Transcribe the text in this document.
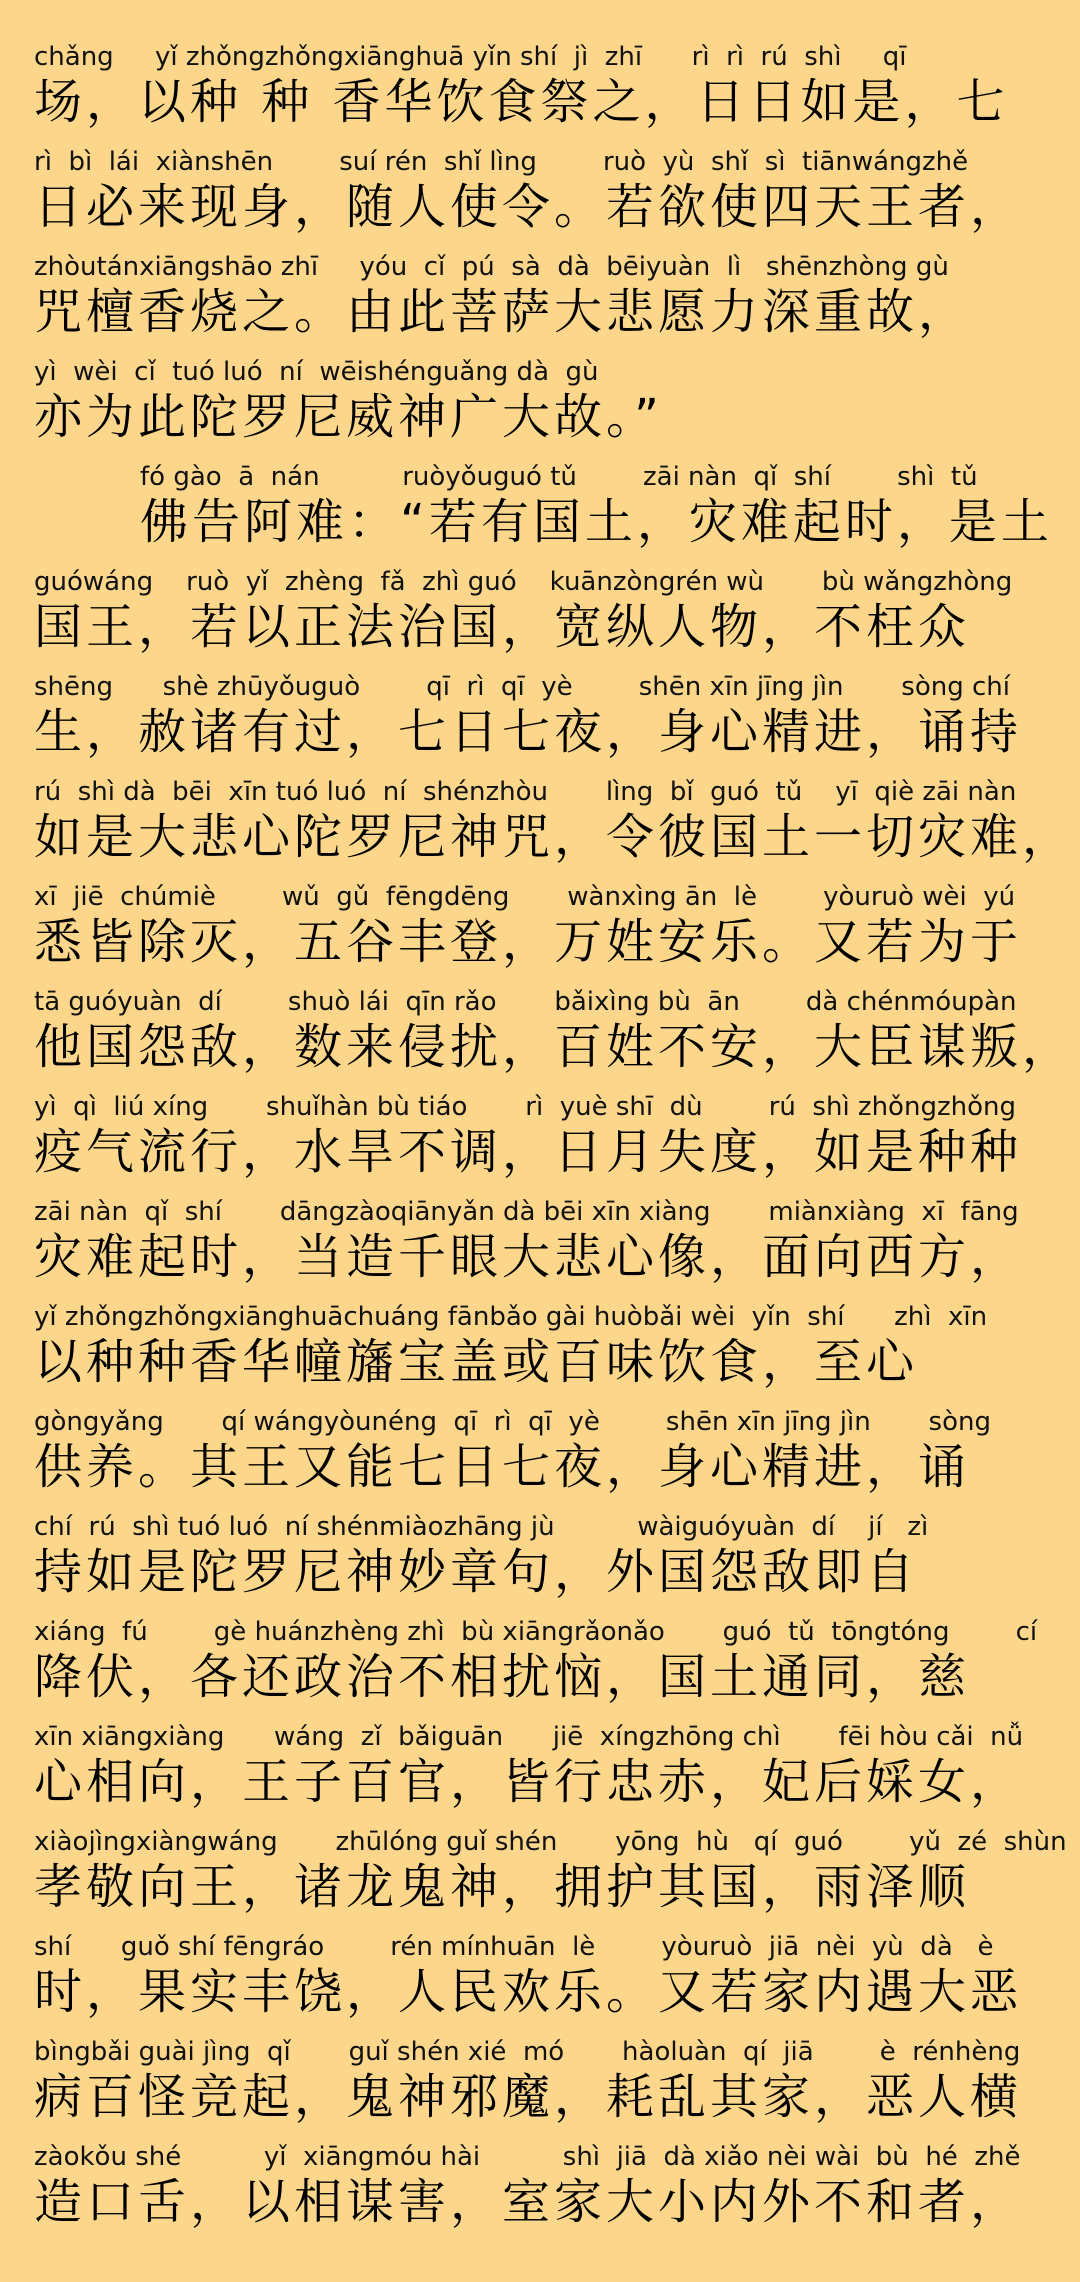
chǎng     yǐ zhǒngzhǒngxiānghuā yǐn shí  jì  zhī      rì  rì  rú  shì     qī
场，以种 种 香华饮食祭之，日日如是，七
rì  bì  lái  xiànshēn        suí rén  shǐ lìng        ruò  yù  shǐ  sì  tiānwángzhě
日必来现身，随人使令。若欲使四天王者，
zhòutánxiāngshāo zhī     yóu  cǐ  pú  sà  dà  bēiyuàn  lì   shēnzhòng gù
咒檀香烧之。由此菩萨大悲愿力深重故，
yì  wèi  cǐ  tuó luó  ní  wēishénguǎng dà  gù
亦为此陀罗尼威神广大故。”
fó gào  ā  nán          ruòyǒuguó tǔ        zāi nàn  qǐ  shí        shì  tǔ
佛告阿难：“若有国土，灾难起时，是土
guówáng    ruò  yǐ  zhèng  fǎ  zhì guó    kuānzòngrén wù       bù wǎngzhòng
国王，若以正法治国，宽纵人物，不枉众
shēng      shè zhūyǒuguò        qī  rì  qī  yè        shēn xīn jīng jìn       sòng chí
生，赦诸有过，七日七夜，身心精进，诵持
rú  shì dà  bēi  xīn tuó luó  ní  shénzhòu       lìng  bǐ  guó  tǔ    yī  qiè zāi nàn
如是大悲心陀罗尼神咒，令彼国土一切灾难，
xī  jiē  chúmiè        wǔ  gǔ  fēngdēng       wànxìng ān  lè        yòuruò wèi  yú
悉皆除灭，五谷丰登，万姓安乐。又若为于
tā guóyuàn  dí        shuò lái  qīn rǎo       bǎixìng bù  ān        dà chénmóupàn
他国怨敌，数来侵扰，百姓不安，大臣谋叛，
yì  qì  liú xíng       shuǐhàn bù tiáo       rì  yuè shī  dù        rú  shì zhǒngzhǒng
疫气流行，水旱不调，日月失度，如是种种
zāi nàn  qǐ  shí       dāngzàoqiānyǎn dà bēi xīn xiàng       miànxiàng  xī  fāng
灾难起时，当造千眼大悲心像，面向西方，
yǐ zhǒngzhǒngxiānghuāchuáng fānbǎo gài huòbǎi wèi  yǐn  shí      zhì  xīn
以种种香华幢旛宝盖或百味饮食，至心
gòngyǎng       qí wángyòunéng  qī  rì  qī  yè        shēn xīn jīng jìn       sòng
供养。其王又能七日七夜，身心精进，诵
chí  rú  shì tuó luó  ní shénmiàozhāng jù          wàiguóyuàn  dí    jí   zì
持如是陀罗尼神妙章句，外国怨敌即自
xiáng  fú        gè huánzhèng zhì  bù xiāngrǎonǎo       guó  tǔ  tōngtóng        cí
降伏，各还政治不相扰恼，国土通同，慈
xīn xiāngxiàng      wáng  zǐ  bǎiguān      jiē  xíngzhōng chì       fēi hòu cǎi  nǚ
心相向，王子百官，皆行忠赤，妃后婇女，
xiàojìngxiàngwáng       zhūlóng guǐ shén       yōng  hù   qí  guó        yǔ  zé  shùn
孝敬向王，诸龙鬼神，拥护其国，雨泽顺
shí      guǒ shí fēngráo        rén mínhuān  lè        yòuruò  jiā  nèi  yù  dà   è
时，果实丰饶，人民欢乐。又若家内遇大恶
bìngbǎi guài jìng  qǐ       guǐ shén xié  mó       hàoluàn  qí  jiā        è  rénhèng
病百怪竞起，鬼神邪魔，耗乱其家，恶人横
zàokǒu shé          yǐ  xiāngmóu hài          shì  jiā  dà xiǎo nèi wài  bù  hé  zhě
造口舌，以相谋害，室家大小内外不和者，
